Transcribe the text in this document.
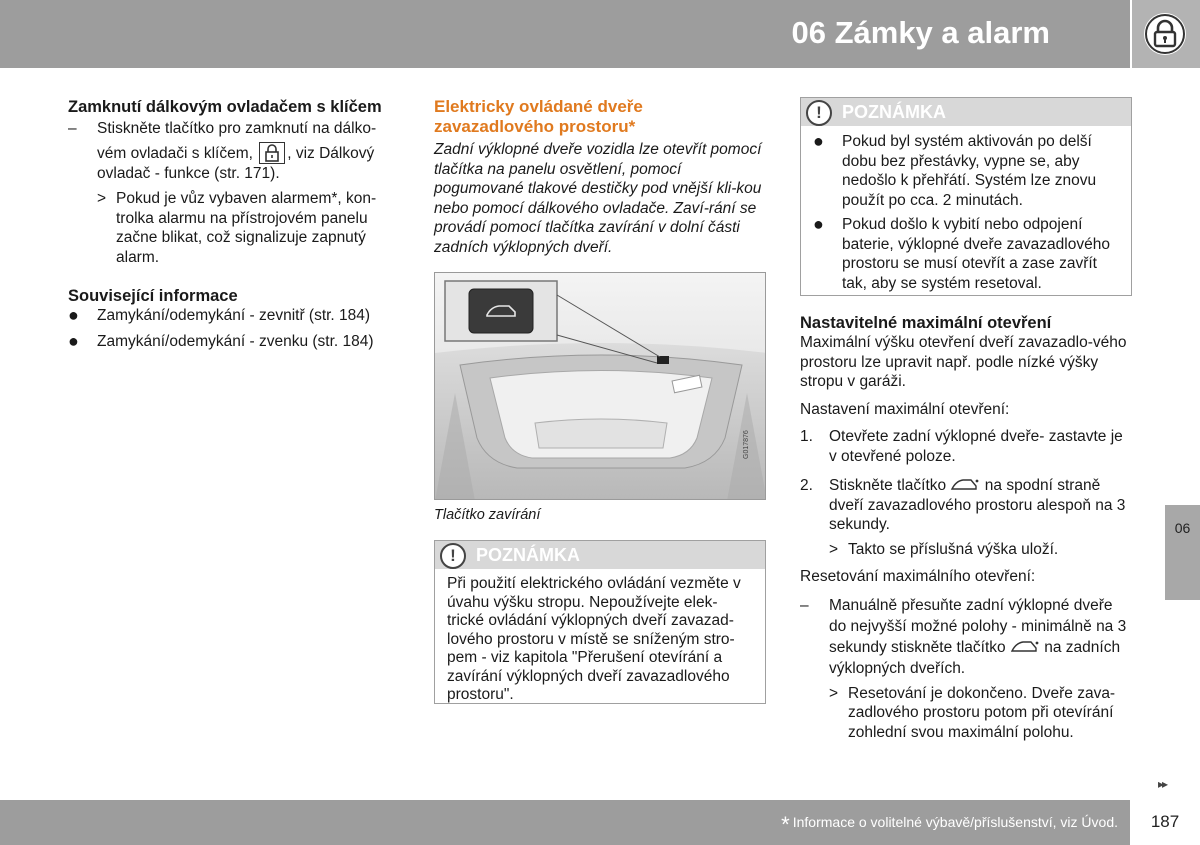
06 Zámky a alarm
Zamknutí dálkovým ovladačem s klíčem
– Stiskněte tlačítko pro zamknutí na dálko-
vém ovladači s klíčem, , viz Dálkový
ovladač - funkce (str. 171).
> Pokud je vůz vybaven alarmem*, kon-trolka alarmu na přístrojovém panelu začne blikat, což signalizuje zapnutý alarm.
Související informace
● Zamykání/odemykání - zevnitř (str. 184)
● Zamykání/odemykání - zvenku (str. 184)
Elektricky ovládané dveře zavazadlového prostoru*
Zadní výklopné dveře vozidla lze otevřít pomocí tlačítka na panelu osvětlení, pomocí pogumované tlakové destičky pod vnější kli-kou nebo pomocí dálkového ovladače. Zaví-rání se provádí pomocí tlačítka zavírání v dolní části zadních výklopných dveří.
G017876
Tlačítko zavírání
!	POZNÁMKA
Při použití elektrického ovládání vezměte v úvahu výšku stropu. Nepoužívejte elek-trické ovládání výklopných dveří zavazad-lového prostoru v místě se sníženým stro-pem - viz kapitola "Přerušení otevírání a zavírání výklopných dveří zavazadlového prostoru".
!	POZNÁMKA
● Pokud byl systém aktivován po delší dobu bez přestávky, vypne se, aby nedošlo k přehřátí. Systém lze znovu použít po cca. 2 minutách.
● Pokud došlo k vybití nebo odpojení baterie, výklopné dveře zavazadlového prostoru se musí otevřít a zase zavřít tak, aby se systém resetoval.
Nastavitelné maximální otevření
Maximální výšku otevření dveří zavazadlo-vého prostoru lze upravit např. podle nízké výšky stropu v garáži.
Nastavení maximální otevření:
1. Otevřete zadní výklopné dveře- zastavte je v otevřené poloze.
2. Stiskněte tlačítko na spodní straně dveří zavazadlového prostoru alespoň na 3 sekundy.
> Takto se příslušná výška uloží.
Resetování maximálního otevření:
– Manuálně přesuňte zadní výklopné dveře do nejvyšší možné polohy - minimálně na 3 sekundy stiskněte tlačítko na zadních výklopných dveřích.
> Resetování je dokončeno. Dveře zava-zadlového prostoru potom při otevírání zohlední svou maximální polohu.
06
▸▸
* Informace o volitelné výbavě/příslušenství, viz Úvod.	187
